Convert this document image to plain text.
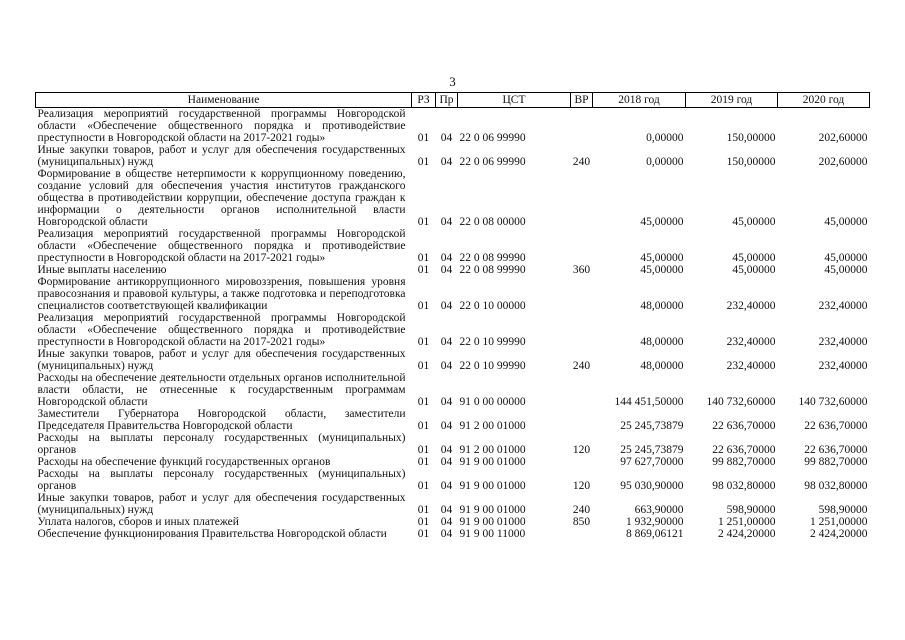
3
Наименование	РЗ	Пр	ЦСТ	ВР	2018 год	2019 год	2020 год
Реализация мероприятий государственной программы Новгородской области «Обеспечение общественного порядка и противодействие преступности в Новгородской области на 2017-2021 годы»	01	04	22 0 06 99990		0,00000	150,00000	202,60000
Иные закупки товаров, работ и услуг для обеспечения государственных (муниципальных) нужд	01	04	22 0 06 99990	240	0,00000	150,00000	202,60000
Формирование в обществе нетерпимости к коррупционному поведению, создание условий для обеспечения участия институтов гражданского общества в противодействии коррупции, обеспечение доступа граждан к информации о деятельности органов исполнительной власти Новгородской области	01	04	22 0 08 00000		45,00000	45,00000	45,00000
Реализация мероприятий государственной программы Новгородской области «Обеспечение общественного порядка и противодействие преступности в Новгородской области на 2017-2021 годы»	01	04	22 0 08 99990		45,00000	45,00000	45,00000
Иные выплаты населению	01	04	22 0 08 99990	360	45,00000	45,00000	45,00000
Формирование антикоррупционного мировоззрения, повышения уровня правосознания и правовой культуры, а также подготовка и переподготовка специалистов соответствующей квалификации	01	04	22 0 10 00000		48,00000	232,40000	232,40000
Реализация мероприятий государственной программы Новгородской области «Обеспечение общественного порядка и противодействие преступности в Новгородской области на 2017-2021 годы»	01	04	22 0 10 99990		48,00000	232,40000	232,40000
Иные закупки товаров, работ и услуг для обеспечения государственных (муниципальных) нужд	01	04	22 0 10 99990	240	48,00000	232,40000	232,40000
Расходы на обеспечение деятельности отдельных органов исполнительной власти области, не отнесенные к государственным программам Новгородской области	01	04	91 0 00 00000		144 451,50000	140 732,60000	140 732,60000
Заместители Губернатора Новгородской области, заместители Председателя Правительства Новгородской области	01	04	91 2 00 01000		25 245,73879	22 636,70000	22 636,70000
Расходы на выплаты персоналу государственных (муниципальных) органов	01	04	91 2 00 01000	120	25 245,73879	22 636,70000	22 636,70000
Расходы на обеспечение функций государственных органов	01	04	91 9 00 01000		97 627,70000	99 882,70000	99 882,70000
Расходы на выплаты персоналу государственных (муниципальных) органов	01	04	91 9 00 01000	120	95 030,90000	98 032,80000	98 032,80000
Иные закупки товаров, работ и услуг для обеспечения государственных (муниципальных) нужд	01	04	91 9 00 01000	240	663,90000	598,90000	598,90000
Уплата налогов, сборов и иных платежей	01	04	91 9 00 01000	850	1 932,90000	1 251,00000	1 251,00000
Обеспечение функционирования Правительства Новгородской области	01	04	91 9 00 11000		8 869,06121	2 424,20000	2 424,20000
